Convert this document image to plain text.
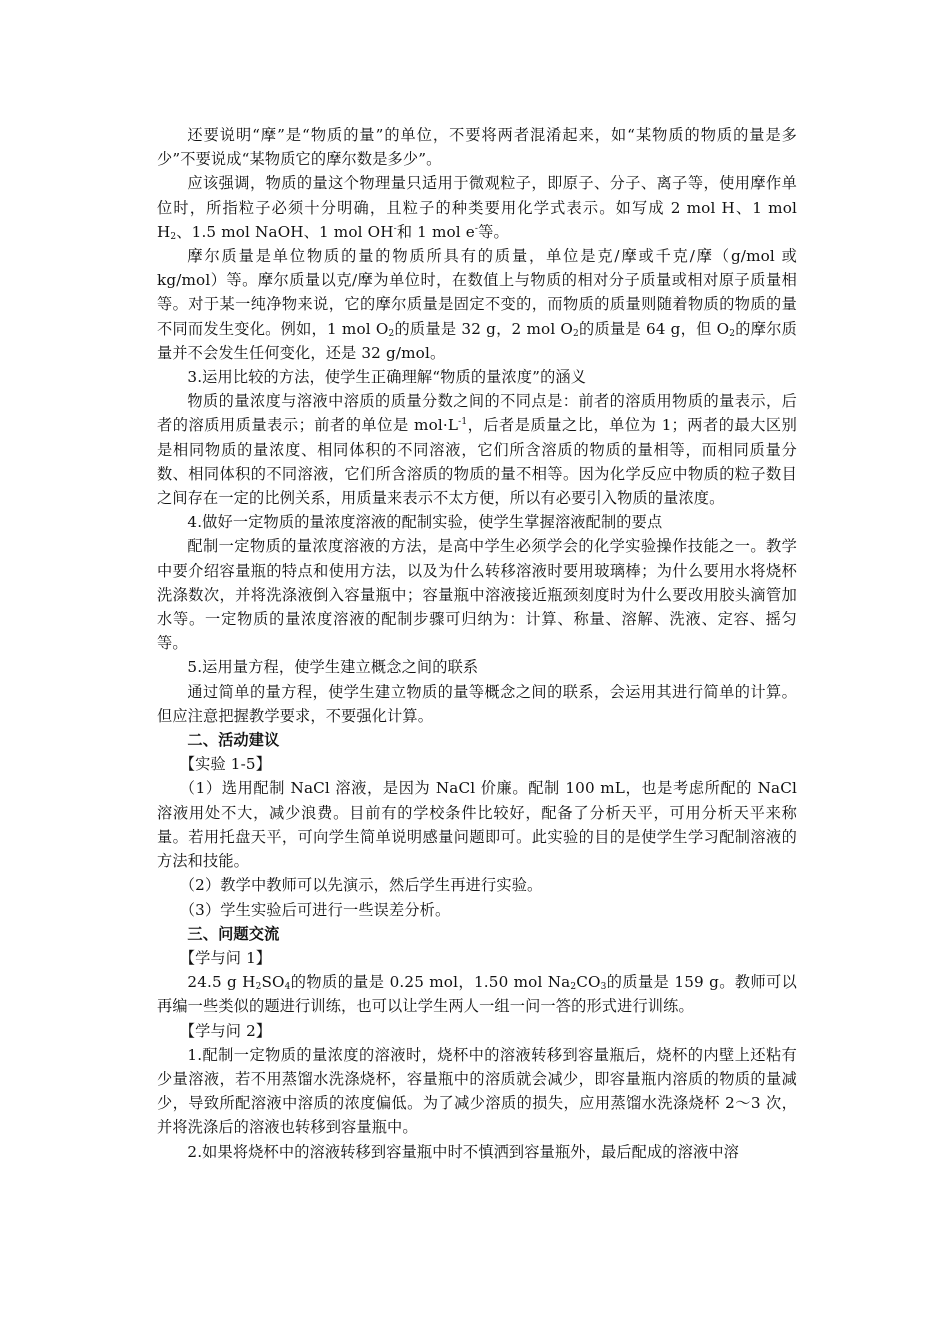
还要说明“摩”是“物质的量”的单位，不要将两者混淆起来，如“某物质的物质的量是多少”不要说成“某物质它的摩尔数是多少”。

应该强调，物质的量这个物理量只适用于微观粒子，即原子、分子、离子等，使用摩作单位时，所指粒子必须十分明确，且粒子的种类要用化学式表示。如写成 2 mol H、1 mol $H_2$、1.5 mol NaOH、1 mol OH-和 1 mol e-等。

摩尔质量是单位物质的量的物质所具有的质量，单位是克/摩或千克/摩（g/mol 或 kg/mol）等。摩尔质量以克/摩为单位时，在数值上与物质的相对分子质量或相对原子质量相等。对于某一纯净物来说，它的摩尔质量是固定不变的，而物质的质量则随着物质的物质的量不同而发生变化。例如，1 mol $O_2$的质量是 32 g，2 mol $O_2$的质量是 64 g，但 $O_2$的摩尔质量并不会发生任何变化，还是 32 g/mol。

3.运用比较的方法，使学生正确理解“物质的量浓度”的涵义

物质的量浓度与溶液中溶质的质量分数之间的不同点是：前者的溶质用物质的量表示，后者的溶质用质量表示；前者的单位是 $mol\cdot L^{-1}$，后者是质量之比，单位为 1；两者的最大区别是相同物质的量浓度、相同体积的不同溶液，它们所含溶质的物质的量相等，而相同质量分数、相同体积的不同溶液，它们所含溶质的物质的量不相等。因为化学反应中物质的粒子数目之间存在一定的比例关系，用质量来表示不太方便，所以有必要引入物质的量浓度。

4.做好一定物质的量浓度溶液的配制实验，使学生掌握溶液配制的要点

配制一定物质的量浓度溶液的方法，是高中学生必须学会的化学实验操作技能之一。教学中要介绍容量瓶的特点和使用方法，以及为什么转移溶液时要用玻璃棒；为什么要用水将烧杯洗涤数次，并将洗涤液倒入容量瓶中；容量瓶中溶液接近瓶颈刻度时为什么要改用胶头滴管加水等。一定物质的量浓度溶液的配制步骤可归纳为：计算、称量、溶解、洗液、定容、摇匀等。

5.运用量方程，使学生建立概念之间的联系

通过简单的量方程，使学生建立物质的量等概念之间的联系，会运用其进行简单的计算。但应注意把握教学要求，不要强化计算。

二、活动建议

【实验 1-5】

（1）选用配制 NaCl 溶液，是因为 NaCl 价廉。配制 100 mL，也是考虑所配的 NaCl 溶液用处不大，减少浪费。目前有的学校条件比较好，配备了分析天平，可用分析天平来称量。若用托盘天平，可向学生简单说明感量问题即可。此实验的目的是使学生学习配制溶液的方法和技能。

（2）教学中教师可以先演示，然后学生再进行实验。

（3）学生实验后可进行一些误差分析。

三、问题交流

【学与问 1】

24.5 g $H_2SO_4$的物质的量是 0.25 mol，1.50 mol $Na_2CO_3$的质量是 159 g。教师可以再编一些类似的题进行训练，也可以让学生两人一组一问一答的形式进行训练。

【学与问 2】

1.配制一定物质的量浓度的溶液时，烧杯中的溶液转移到容量瓶后，烧杯的内壁上还粘有少量溶液，若不用蒸馏水洗涤烧杯，容量瓶中的溶质就会减少，即容量瓶内溶质的物质的量减少，导致所配溶液中溶质的浓度偏低。为了减少溶质的损失，应用蒸馏水洗涤烧杯 2～3 次，并将洗涤后的溶液也转移到容量瓶中。

2.如果将烧杯中的溶液转移到容量瓶中时不慎洒到容量瓶外，最后配成的溶液中溶
